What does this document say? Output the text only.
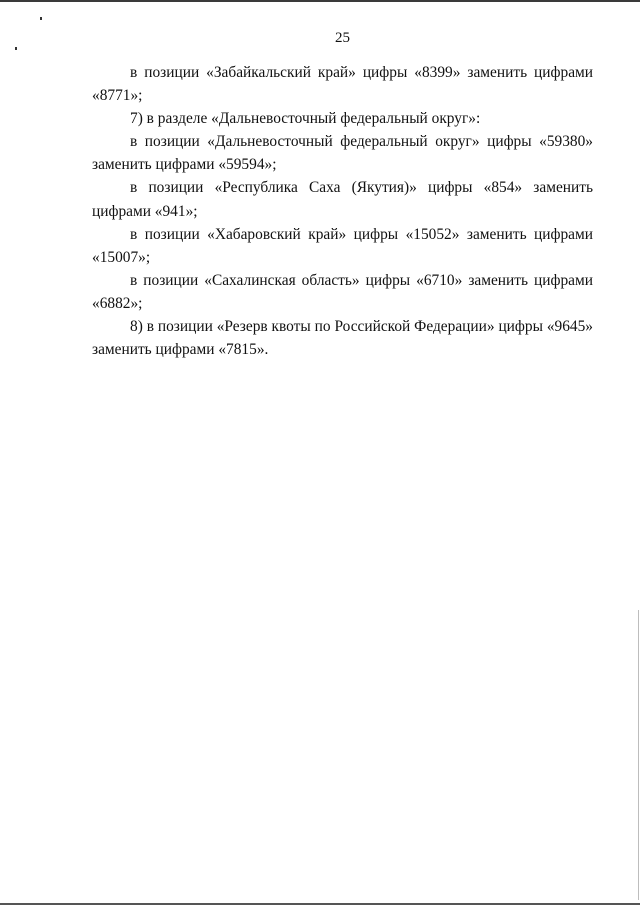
25

в позиции «Забайкальский край» цифры «8399» заменить цифрами «8771»;

7) в разделе «Дальневосточный федеральный округ»:

в позиции «Дальневосточный федеральный округ» цифры «59380» заменить цифрами «59594»;

в позиции «Республика Саха (Якутия)» цифры «854» заменить цифрами «941»;

в позиции «Хабаровский край» цифры «15052» заменить цифрами «15007»;

в позиции «Сахалинская область» цифры «6710» заменить цифрами «6882»;

8) в позиции «Резерв квоты по Российской Федерации» цифры «9645» заменить цифрами «7815».
